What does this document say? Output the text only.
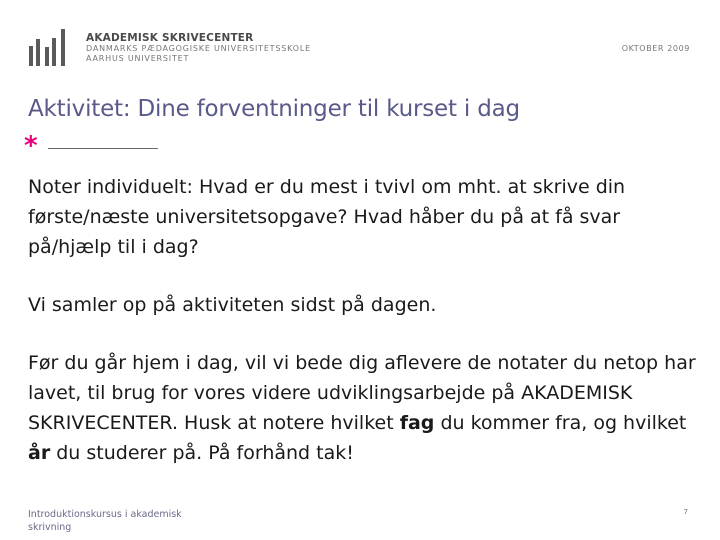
AKADEMISK SKRIVECENTER
DANMARKS PÆDAGOGISKE UNIVERSITETSSKOLE
AARHUS UNIVERSITET
OKTOBER 2009
Aktivitet: Dine forventninger til kurset i dag
*

Noter individuelt: Hvad er du mest i tvivl om mht. at skrive din første/næste universitetsopgave? Hvad håber du på at få svar på/hjælp til i dag?

Vi samler op på aktiviteten sidst på dagen.

Før du går hjem i dag, vil vi bede dig aflevere de notater du netop har lavet, til brug for vores videre udviklingsarbejde på AKADEMISK SKRIVECENTER. Husk at notere hvilket fag du kommer fra, og hvilket år du studerer på. På forhånd tak!

Introduktionskursus i akademisk skrivning
7
